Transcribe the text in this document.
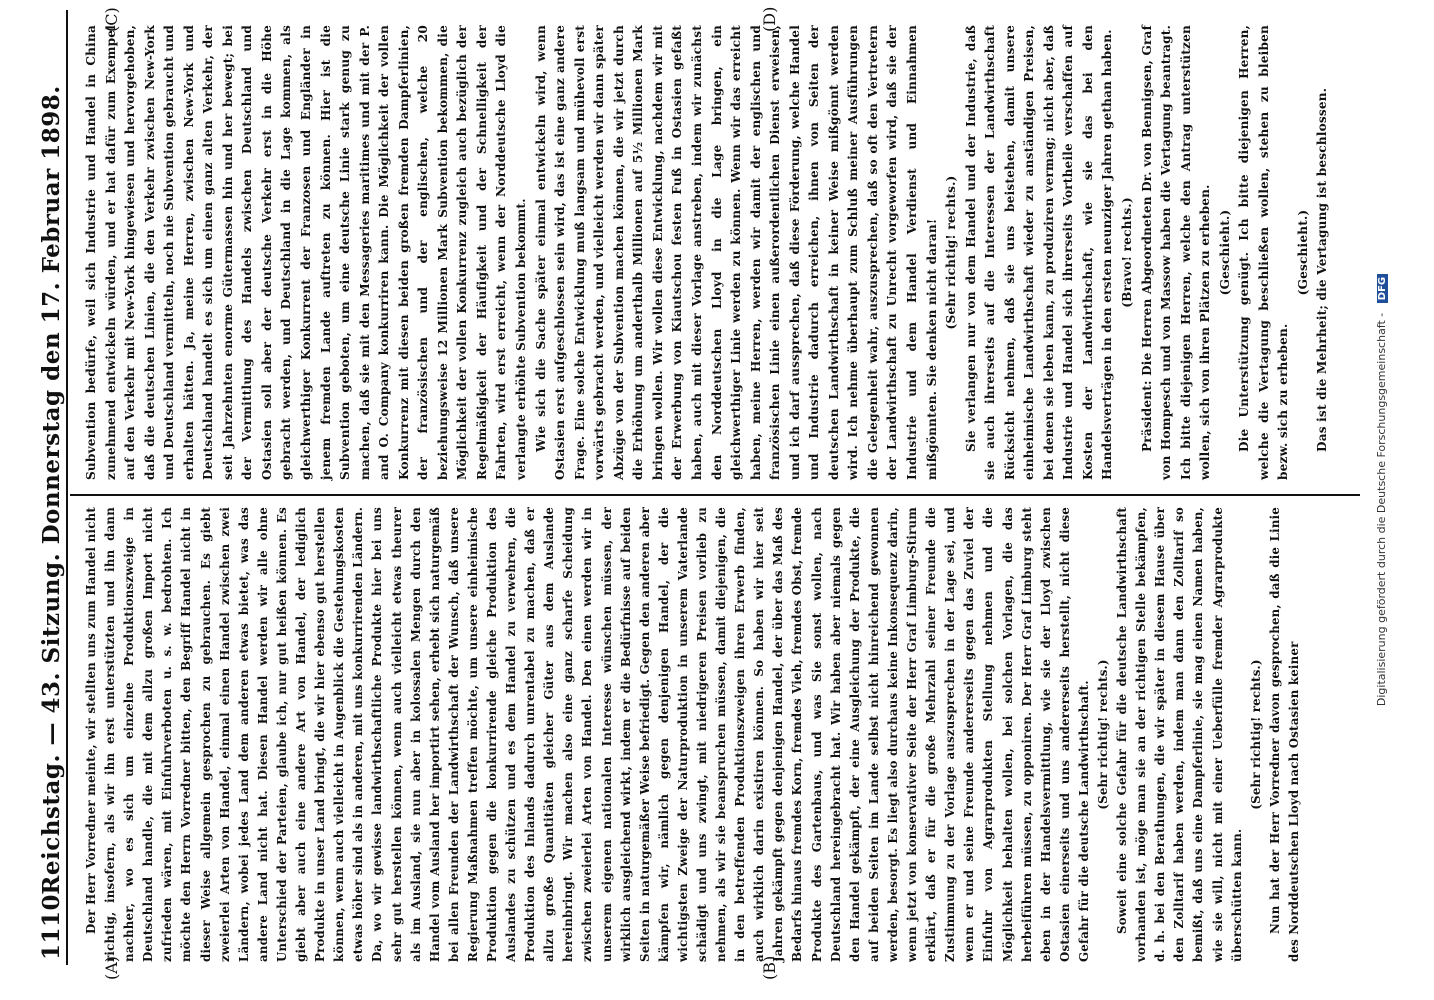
1110
Reichstag. — 43. Sitzung. Donnerstag den 17. Februar 1898.
(A)	(B)
(C)	(D)

Der Herr Vorredner meinte, wir stellten uns zum Handel nicht richtig, insofern, als wir ihn erst unterstützten und ihn dann nachher, wo es sich um einzelne Produktionszweige in Deutschland handle, die mit dem allzu großen Import nicht zufrieden wären, mit Einfuhrverboten u. s. w. bedrohten. Ich möchte den Herrn Vorredner bitten, den Begriff Handel nicht in dieser Weise allgemein gesprochen zu gebrauchen. Es giebt zweierlei Arten von Handel, einmal einen Handel zwischen zwei Ländern, wobei jedes Land dem anderen etwas bietet, was das andere Land nicht hat. Diesen Handel werden wir alle ohne Unterschied der Parteien, glaube ich, nur gut heißen können. Es giebt aber auch eine andere Art von Handel, der lediglich Produkte in unser Land bringt, die wir hier ebenso gut herstellen können, wenn auch vielleicht in Augenblick die Gestehungskosten etwas höher sind als in anderen, mit uns konkurrirenden Ländern. Da, wo wir gewisse landwirthschaftliche Produkte hier bei uns sehr gut herstellen können, wenn auch vielleicht etwas theurer als im Ausland, sie nun aber in kolossalen Mengen durch den Handel vom Ausland her importirt sehen, erhebt sich naturgemäß bei allen Freunden der Landwirthschaft der Wunsch, daß unsere Regierung Maßnahmen treffen möchte, um unsere einheimische Produktion gegen die konkurrirende gleiche Produktion des Auslandes zu schützen und es dem Handel zu verwehren, die Produktion des Inlands dadurch unrentabel zu machen, daß er allzu große Quantitäten gleicher Güter aus dem Auslande hereinbringt. Wir machen also eine ganz scharfe Scheidung zwischen zweierlei Arten von Handel. Den einen werden wir in unserem eigenen nationalen Interesse wünschen müssen, der wirklich ausgleichend wirkt, indem er die Bedürfnisse auf beiden Seiten in naturgemäßer Weise befriedigt. Gegen den anderen aber kämpfen wir, nämlich gegen denjenigen Handel, der die wichtigsten Zweige der Naturproduktion in unserem Vaterlande schädigt und uns zwingt, mit niedrigeren Preisen vorlieb zu nehmen, als wir sie beanspruchen müssen, damit diejenigen, die in den betreffenden Produktionszweigen ihren Erwerb finden, auch wirklich darin existiren können. So haben wir hier seit Jahren gekämpft gegen denjenigen Handel, der über das Maß des Bedarfs hinaus fremdes Korn, fremdes Vieh, fremdes Obst, fremde Produkte des Gartenbaus, und was Sie sonst wollen, nach Deutschland hereingebracht hat. Wir haben aber niemals gegen den Handel gekämpft, der eine Ausgleichung der Produkte, die auf beiden Seiten im Lande selbst nicht hinreichend gewonnen werden, besorgt. Es liegt also durchaus keine Inkonsequenz darin, wenn jetzt von konservativer Seite der Herr Graf Limburg-Stirum erklärt, daß er für die große Mehrzahl seiner Freunde die Zustimmung zu der Vorlage auszusprechen in der Lage sei, und wenn er und seine Freunde andererseits gegen das Zuviel der Einfuhr von Agrarprodukten Stellung nehmen und die Möglichkeit behalten wollen, bei solchen Vorlagen, die das herbeiführen müssen, zu opponiren. Der Herr Graf Limburg steht eben in der Handelsvermittlung, wie sie der Lloyd zwischen Ostasien einerseits und uns andererseits herstellt, nicht diese Gefahr für die deutsche Landwirthschaft. (Sehr richtig! rechts.) Soweit eine solche Gefahr für die deutsche Landwirthschaft vorhanden ist, möge man sie an der richtigen Stelle bekämpfen, d. h. bei den Berathungen, die wir später in diesem Hause über den Zolltarif haben werden, indem man dann den Zolltarif so bemißt, daß uns eine Dampferlinie, sie mag einen Namen haben, wie sie will, nicht mit einer Ueberfülle fremder Agrarprodukte überschütten kann.

(Sehr richtig! rechts.) Nun hat der Herr Vorredner davon gesprochen, daß die Linie des Norddeutschen Lloyd nach Ostasien keiner

Subvention bedürfe, weil sich Industrie und Handel in China zunehmend entwickeln würden, und er hat dafür zum Exempel auf den Verkehr mit New-York hingewiesen und hervorgehoben, daß die deutschen Linien, die den Verkehr zwischen New-York und Deutschland vermitteln, noch nie Subvention gebraucht und erhalten hätten. Ja, meine Herren, zwischen New-York und Deutschland handelt es sich um einen ganz alten Verkehr, der seit Jahrzehnten enorme Gütermassen hin und her bewegt; bei der Vermittlung des Handels zwischen Deutschland und Ostasien soll aber der deutsche Verkehr erst in die Höhe gebracht werden, und Deutschland in die Lage kommen, als gleichwerthiger Konkurrent der Franzosen und Engländer in jenem fremden Lande auftreten zu können. Hier ist die Subvention geboten, um eine deutsche Linie stark genug zu machen, daß sie mit den Messageries maritimes und mit der P. and O. Company konkurriren kann. Die Möglichkeit der vollen Konkurrenz mit diesen beiden großen fremden Dampferlinien, der französischen und der englischen, welche 20 beziehungsweise 12 Millionen Mark Subvention bekommen, die Möglichkeit der vollen Konkurrenz zugleich auch bezüglich der Regelmäßigkeit der Häufigkeit und der Schnelligkeit der Fahrten, wird erst erreicht, wenn der Norddeutsche Lloyd die verlangte erhöhte Subvention bekommt. Wie sich die Sache später einmal entwickeln wird, wenn Ostasien erst aufgeschlossen sein wird, das ist eine ganz andere Frage. Eine solche Entwicklung muß langsam und mühevoll erst vorwärts gebracht werden, und vielleicht werden wir dann später Abzüge von der Subvention machen können, die wir jetzt durch die Erhöhung um anderthalb Millionen auf 5½ Millionen Mark bringen wollen. Wir wollen diese Entwicklung, nachdem wir mit der Erwerbung von Kiautschou festen Fuß in Ostasien gefaßt haben, auch mit dieser Vorlage anstreben, indem wir zunächst den Norddeutschen Lloyd in die Lage bringen, ein gleichwerthiger Linie werden zu können. Wenn wir das erreicht haben, meine Herren, werden wir damit der englischen und französischen Linie einen außerordentlichen Dienst erweisen, und ich darf aussprechen, daß diese Förderung, welche Handel und Industrie dadurch erreichen, ihnen von Seiten der deutschen Landwirthschaft in keiner Weise mißgönnt werden wird. Ich nehme überhaupt zum Schluß meiner Ausführungen die Gelegenheit wahr, auszusprechen, daß so oft den Vertretern der Landwirthschaft zu Unrecht vorgeworfen wird, daß sie der Industrie und dem Handel Verdienst und Einnahmen mißgönnten. Sie denken nicht daran! (Sehr richtig! rechts.) Sie verlangen nur von dem Handel und der Industrie, daß sie auch ihrerseits auf die Interessen der Landwirthschaft Rücksicht nehmen, daß sie uns beistehen, damit unsere einheimische Landwirthschaft wieder zu anständigen Preisen, bei denen sie leben kann, zu produziren vermag; nicht aber, daß Industrie und Handel sich ihrerseits Vortheile verschaffen auf Kosten der Landwirthschaft, wie sie das bei den Handelsverträgen in den ersten neunziger Jahren gethan haben. (Bravo! rechts.) Präsident: Die Herren Abgeordneten Dr. von Bennigsen, Graf von Hompesch und von Massow haben die Vertagung beantragt. Ich bitte diejenigen Herren, welche den Antrag unterstützen wollen, sich von ihren Plätzen zu erheben. (Geschieht.) Die Unterstützung genügt. Ich bitte diejenigen Herren, welche die Vertagung beschließen wollen, stehen zu bleiben bezw. sich zu erheben.

(Geschieht.) Das ist die Mehrheit; die Vertagung ist beschlossen.

Digitalisierung gefördert durch die Deutsche Forschungsgemeinschaft - DFG
